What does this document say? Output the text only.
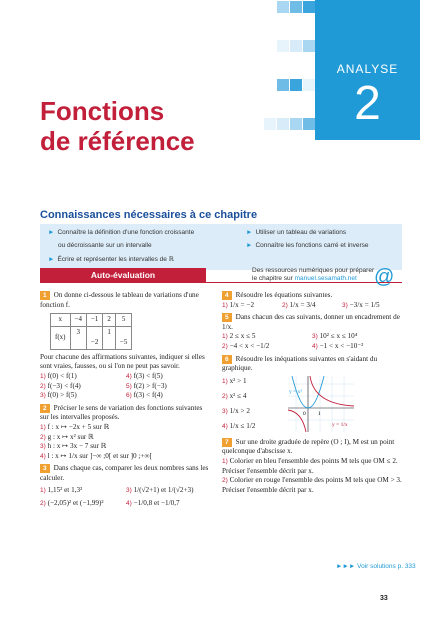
ANALYSE
2
Fonctions
de référence
Connaissances nécessaires à ce chapitre
► Connaître la définition d'une fonction croissante
ou décroissante sur un intervalle
► Écrire et représenter les intervalles de ℝ
► Utiliser un tableau de variations
► Connaître les fonctions carré et inverse
Auto-évaluation	Des ressources numériques pour préparer
le chapitre sur manuel.sesamath.net @

1 On donne ci-dessous le tableau de variations d'une fonction f.

x	−4	−1	2	5
f(x)	3	−2	1	−5

Pour chacune des affirmations suivantes, indiquer si elles sont vraies, fausses, ou si l'on ne peut pas savoir.

1) f(0) < f(1)	4) f(3) < f(5)
2) f(−3) < f(4)	5) f(2) > f(−3)
3) f(0) > f(5)	6) f(3) < f(4)

2 Préciser le sens de variation des fonctions suivantes sur les intervalles proposés.

1) f : x ↦ −2x + 5 sur ℝ
2) g : x ↦ x² sur ℝ
3) h : x ↦ 3x − 7 sur ℝ
4) l : x ↦ 1/x sur ]−∞ ;0[ et sur ]0 ;+∞[

3 Dans chaque cas, comparer les deux nombres sans les calculer.

1) 1,15² et 1,3²	3) 1/(√2+1) et 1/(√2+3)
2) (−2,05)² et (−1,99)²	4) −1/0,8 et −1/0,7

4 Résoudre les équations suivantes.

1) 1/x = −2	2) 1/x = 3/4	3) −3/x = 1/5

5 Dans chacun des cas suivants, donner un encadrement de 1/x.

1) 2 ≤ x ≤ 5	3) 10² ≤ x ≤ 10⁴
2) −4 < x < −1/2	4) −1 < x < −10⁻²

6 Résoudre les inéquations suivantes en s'aidant du graphique.

1) x² > 1
2) x² ≤ 4
3) 1/x > 2
4) 1/x ≤ 1/2
y = x²
y = 1/x
0 1

7 Sur une droite graduée de repère (O ; I), M est un point quelconque d'abscisse x.

1) Colorier en bleu l'ensemble des points M tels que OM ≤ 2. Préciser l'ensemble décrit par x.
2) Colorier en rouge l'ensemble des points M tels que OM > 3. Préciser l'ensemble décrit par x.
►►► Voir solutions p. 333
33
